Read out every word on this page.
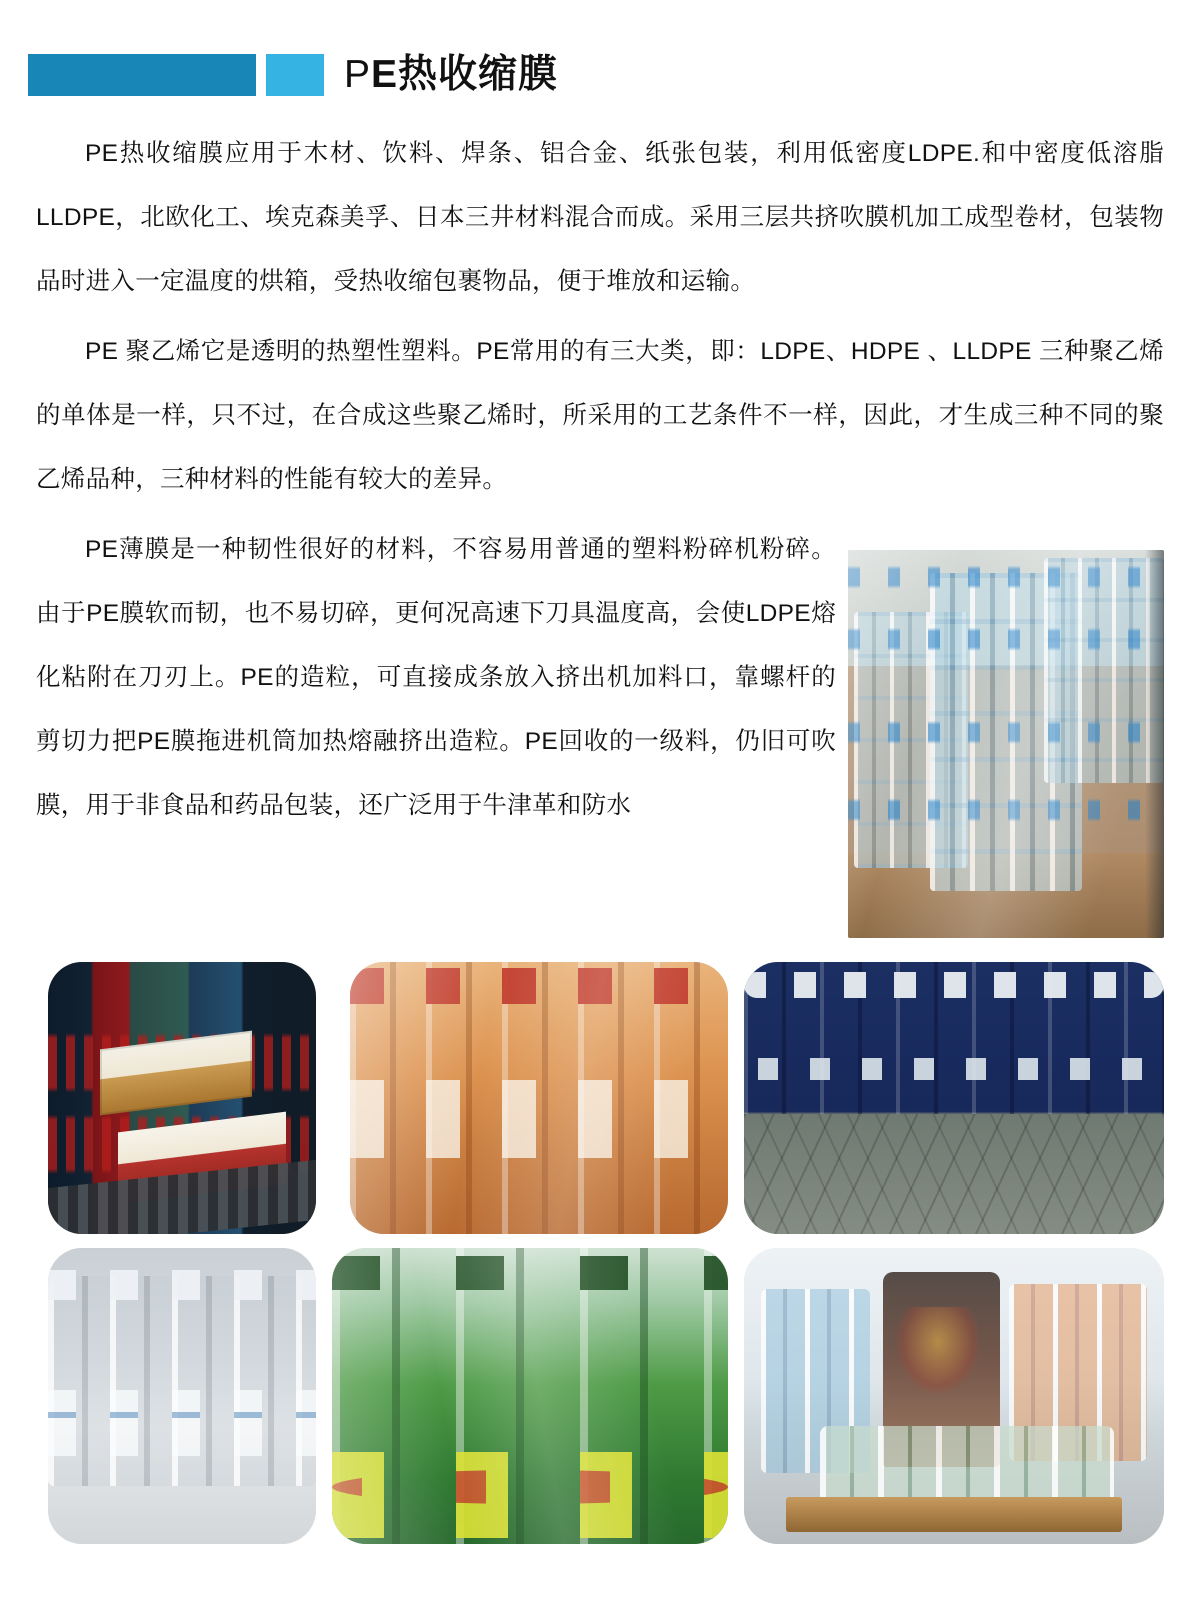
PE热收缩膜

PE热收缩膜应用于木材、饮料、焊条、铝合金、纸张包装，利用低密度LDPE.和中密度低溶脂LLDPE，北欧化工、埃克森美孚、日本三井材料混合而成。采用三层共挤吹膜机加工成型卷材，包装物品时进入一定温度的烘箱，受热收缩包裹物品，便于堆放和运输。

PE 聚乙烯它是透明的热塑性塑料。PE常用的有三大类，即：LDPE、HDPE 、LLDPE 三种聚乙烯的单体是一样，只不过，在合成这些聚乙烯时，所采用的工艺条件不一样，因此，才生成三种不同的聚乙烯品种，三种材料的性能有较大的差异。

PE薄膜是一种韧性很好的材料，不容易用普通的塑料粉碎机粉碎。由于PE膜软而韧，也不易切碎，更何况高速下刀具温度高，会使LDPE熔化粘附在刀刃上。PE的造粒，可直接成条放入挤出机加料口，靠螺杆的剪切力把PE膜拖进机筒加热熔融挤出造粒。PE回收的一级料，仍旧可吹膜，用于非食品和药品包装，还广泛用于牛津革和防水
